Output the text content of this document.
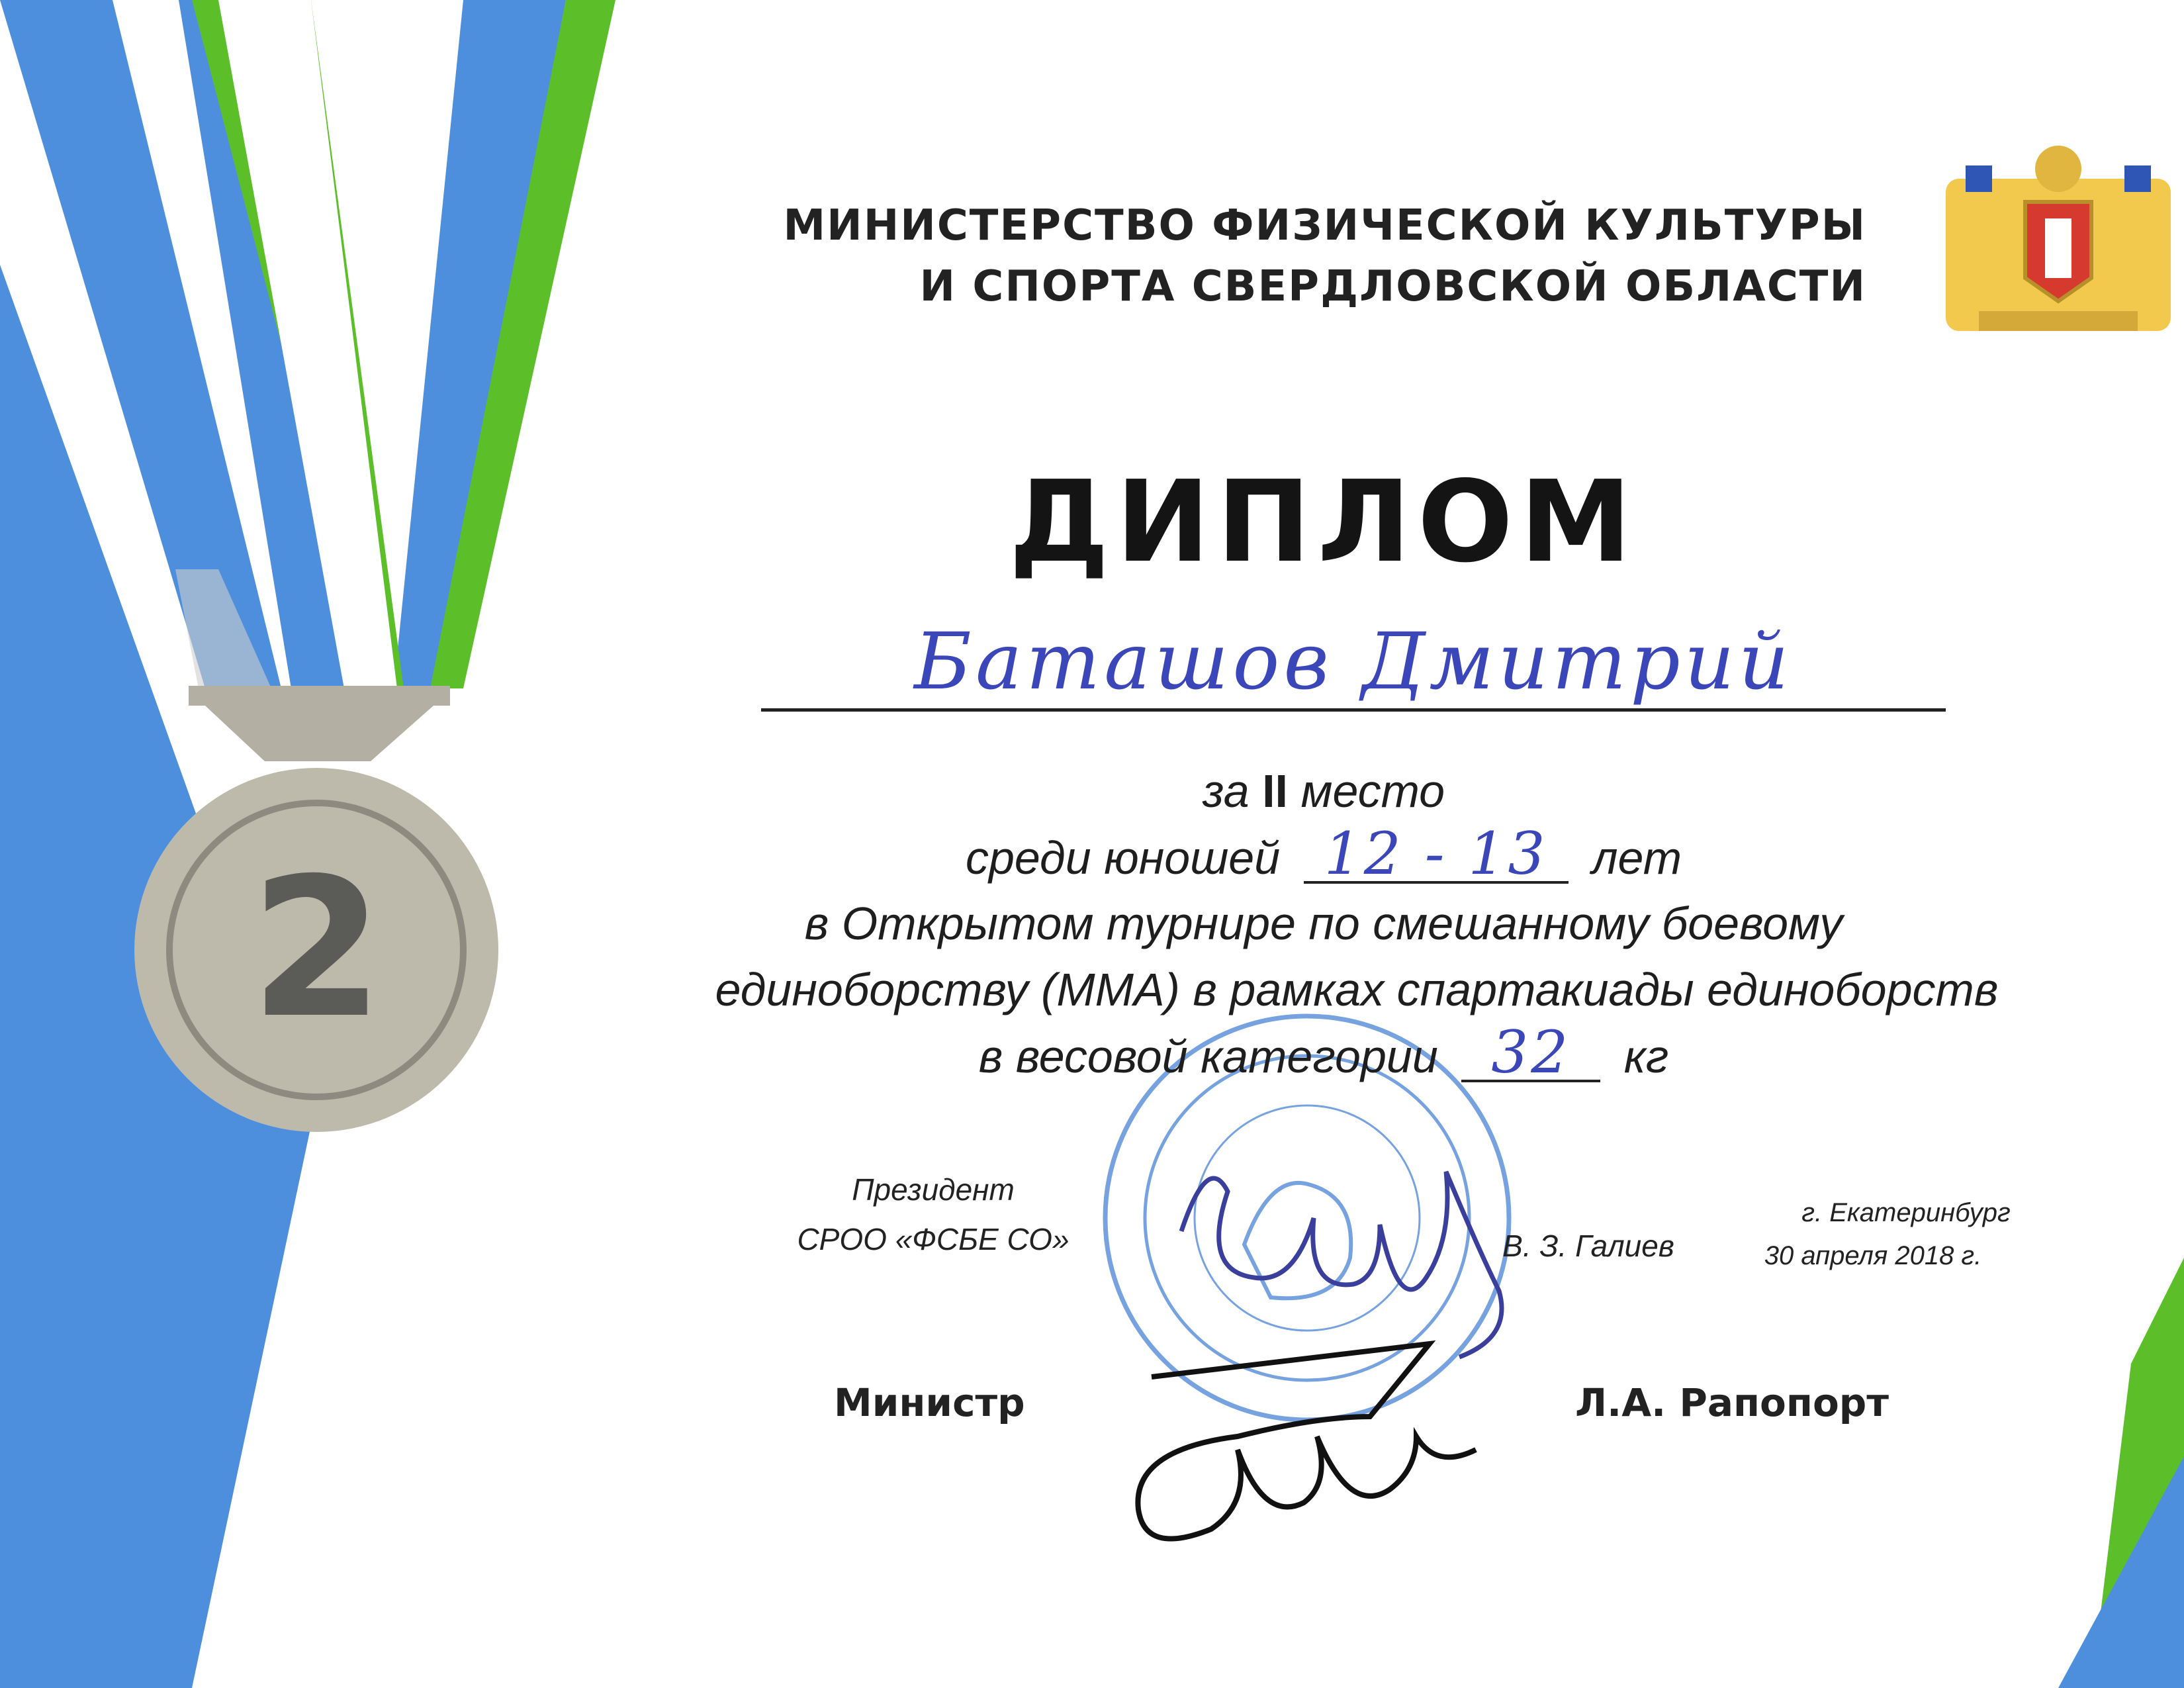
2
МИНИСТЕРСТВО ФИЗИЧЕСКОЙ КУЛЬТУРЫ
И СПОРТА СВЕРДЛОВСКОЙ ОБЛАСТИ
ДИПЛОМ
Баташов Дмитрий
за II место
среди юношей 12 - 13 лет
в Открытом турнире по смешанному боевому
единоборству (ММА) в рамках спартакиады единоборств
в весовой категории 32 кг
Президент
СРОО «ФСБЕ СО»	В. З. Галиев
г. Екатеринбург
30 апреля 2018 г.
Министр	Л.А. Рапопорт
